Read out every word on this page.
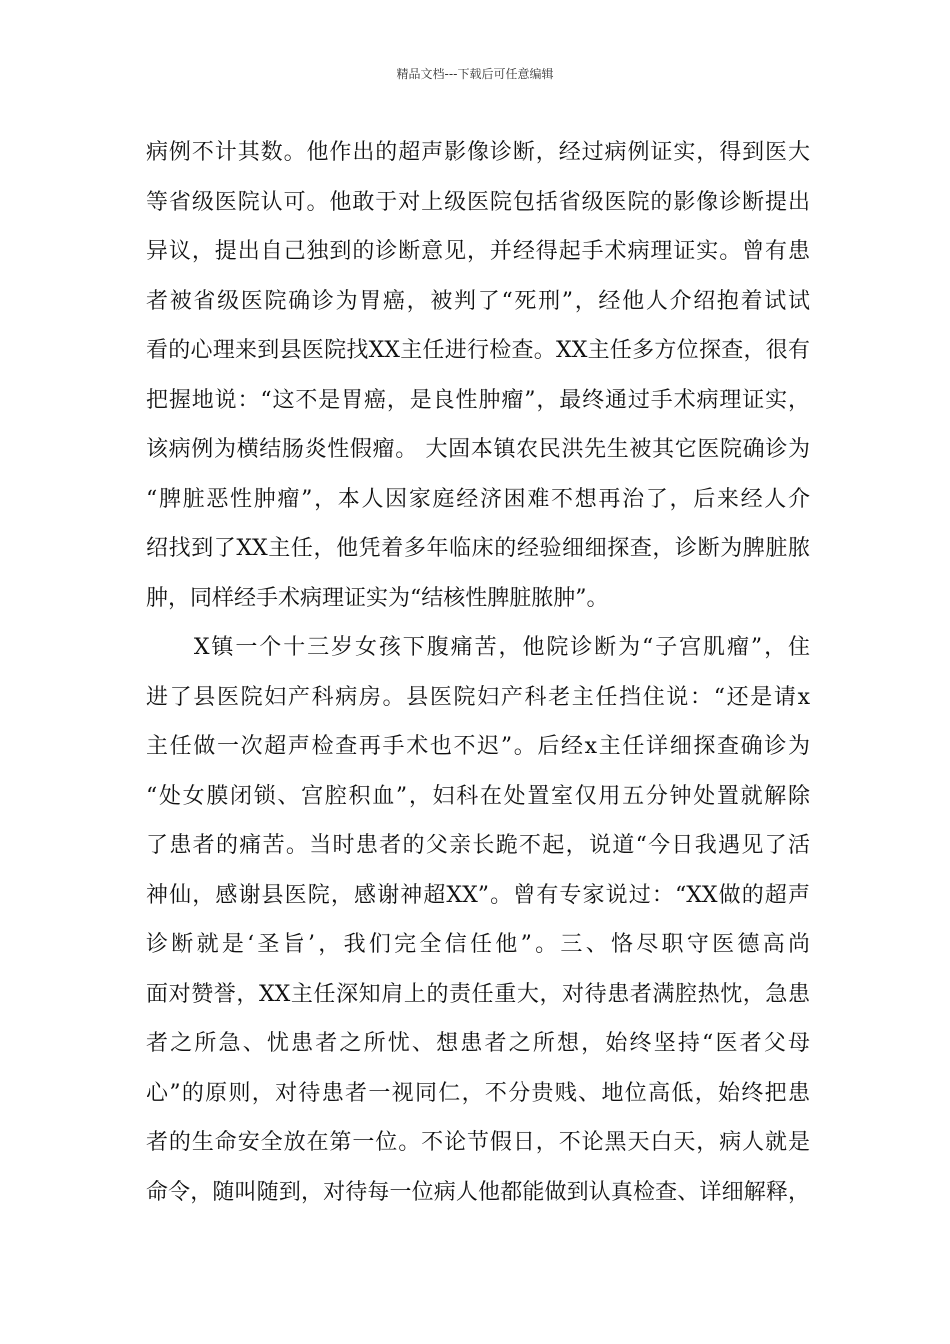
精品文档---下载后可任意编辑
病例不计其数。他作出的超声影像诊断，经过病例证实，得到医大
等省级医院认可。他敢于对上级医院包括省级医院的影像诊断提出
异议，提出自己独到的诊断意见，并经得起手术病理证实。曾有患
者被省级医院确诊为胃癌，被判了“死刑”，经他人介绍抱着试试
看的心理来到县医院找XX主任进行检查。XX主任多方位探查，很有
把握地说：“这不是胃癌，是良性肿瘤”，最终通过手术病理证实，
该病例为横结肠炎性假瘤。 大固本镇农民洪先生被其它医院确诊为
“脾脏恶性肿瘤”，本人因家庭经济困难不想再治了，后来经人介
绍找到了XX主任，他凭着多年临床的经验细细探查，诊断为脾脏脓
肿，同样经手术病理证实为“结核性脾脏脓肿”。
　　X镇一个十三岁女孩下腹痛苦，他院诊断为“子宫肌瘤”，住
进了县医院妇产科病房。县医院妇产科老主任挡住说：“还是请x
主任做一次超声检查再手术也不迟”。后经x主任详细探查确诊为
“处女膜闭锁、宫腔积血”，妇科在处置室仅用五分钟处置就解除
了患者的痛苦。当时患者的父亲长跪不起，说道“今日我遇见了活
神仙，感谢县医院，感谢神超XX”。曾有专家说过：“XX做的超声
诊断就是‘圣旨’，我们完全信任他”。三、恪尽职守医德高尚
面对赞誉，XX主任深知肩上的责任重大，对待患者满腔热忱，急患
者之所急、忧患者之所忧、想患者之所想，始终坚持“医者父母
心”的原则，对待患者一视同仁，不分贵贱、地位高低，始终把患
者的生命安全放在第一位。不论节假日，不论黑天白天，病人就是
命令，随叫随到，对待每一位病人他都能做到认真检查、详细解释，
